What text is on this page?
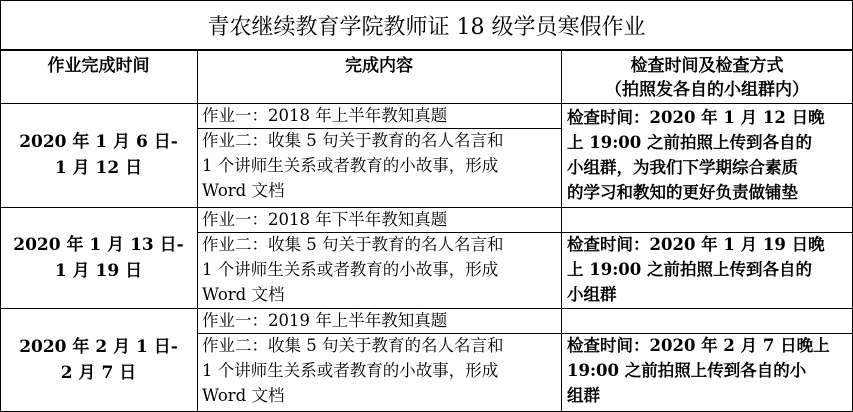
青农继续教育学院教师证 18 级学员寒假作业
作业完成时间	完成内容	检查时间及检查方式
（拍照发各自的小组群内）
2020 年 1 月 6 日-
1 月 12 日
作业一：2018 年上半年教知真题
作业二：收集 5 句关于教育的名人名言和
1 个讲师生关系或者教育的小故事，形成
Word 文档
检查时间：2020 年 1 月 12 日晚
上 19:00 之前拍照上传到各自的
小组群，为我们下学期综合素质
的学习和教知的更好负责做铺垫
2020 年 1 月 13 日-
1 月 19 日
作业一：2018 年下半年教知真题
作业二：收集 5 句关于教育的名人名言和
1 个讲师生关系或者教育的小故事，形成
Word 文档
检查时间：2020 年 1 月 19 日晚
上 19:00 之前拍照上传到各自的
小组群
2020 年 2 月 1 日-
2 月 7 日
作业一：2019 年上半年教知真题
作业二：收集 5 句关于教育的名人名言和
1 个讲师生关系或者教育的小故事，形成
Word 文档
检查时间：2020 年 2 月 7 日晚上
19:00 之前拍照上传到各自的小
组群
